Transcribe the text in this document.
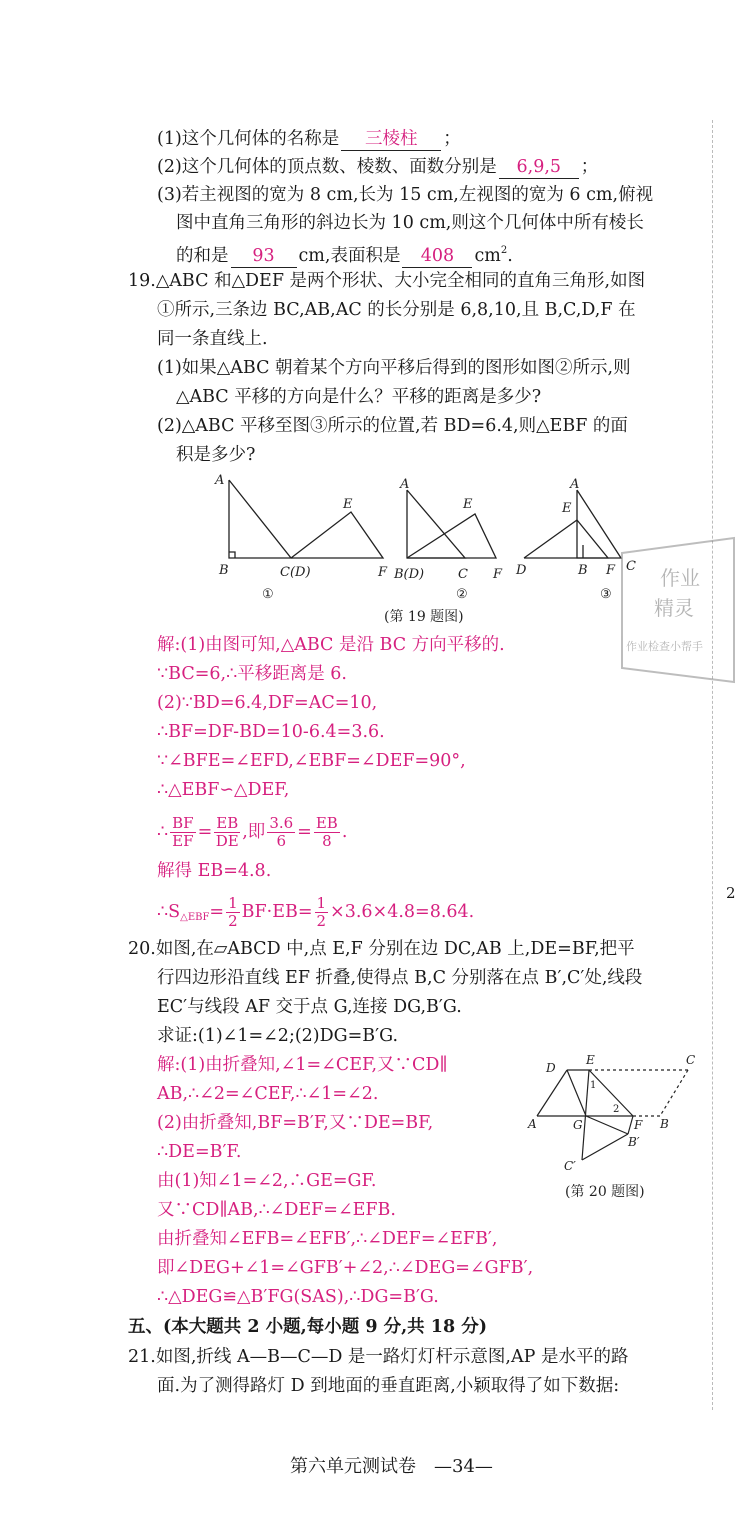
2
(1)这个几何体的名称是 三棱柱 ；
(2)这个几何体的顶点数、棱数、面数分别是 6,9,5 ；
(3)若主视图的宽为 8 cm,长为 15 cm,左视图的宽为 6 cm,俯视
图中直角三角形的斜边长为 10 cm,则这个几何体中所有棱长
的和是 93 cm,表面积是 408 $cm^2$.
19.△ABC 和△DEF 是两个形状、大小完全相同的直角三角形,如图
①所示,三条边 BC,AB,AC 的长分别是 6,8,10,且 B,C,D,F 在
同一条直线上.
(1)如果△ABC 朝着某个方向平移后得到的图形如图②所示,则
△ABC 平移的方向是什么？平移的距离是多少?
(2)△ABC 平移至图③所示的位置,若 BD=6.4,则△EBF 的面
积是多少?
A
B	C(D)
E
F
①
A
E
B(D)	C F
②
A
E
D	B F C
③
作业
精灵
作业检查小帮手
(第 19 题图)
解:(1)由图可知,△ABC 是沿 BC 方向平移的.
∵BC=6,∴平移距离是 6.
(2)∵BD=6.4,DF=AC=10,
∴BF=DF-BD=10-6.4=3.6.
∵∠BFE=∠EFD,∠EBF=∠DEF=90°,
∴△EBF∽△DEF,
∴ $\frac{BF}{EF} = \frac{EB}{DE}$ ,即 $\frac{3.6}{6} = \frac{EB}{8}$ .
解得 EB=4.8.
$\therefore S_{\triangle EBF}= \frac{1}{2} BF\cdot EB= \frac{1}{2} \times 3.6\times 4.8=8.64$.
20.如图,在▱ABCD 中,点 E,F 分别在边 DC,AB 上,DE=BF,把平
行四边形沿直线 EF 折叠,使得点 B,C 分别落在点 B′,C′处,线段
EC′与线段 AF 交于点 G,连接 DG,B′G.
求证:(1)∠1=∠2;(2)DG=B′G.
解:(1)由折叠知,∠1=∠CEF,又∵CD∥
AB,∴∠2=∠CEF,∴∠1=∠2.
(2)由折叠知,BF=B′F,又∵DE=BF,
∴DE=B′F.
由(1)知∠1=∠2,∴GE=GF.
又∵CD∥AB,∴∠DEF=∠EFB.
由折叠知∠EFB=∠EFB′,∴∠DEF=∠EFB′,
即∠DEG+∠1=∠GFB′+∠2,∴∠DEG=∠GFB′,
∴△DEG≌△B′FG(SAS),∴DG=B′G.
D
E	C
1
2
A	G	F B
B′
C′
(第 20 题图)
五、(本大题共 2 小题,每小题 9 分,共 18 分)
21.如图,折线 A—B—C—D 是一路灯灯杆示意图,AP 是水平的路
面.为了测得路灯 D 到地面的垂直距离,小颖取得了如下数据:
第六单元测试卷　—34—
